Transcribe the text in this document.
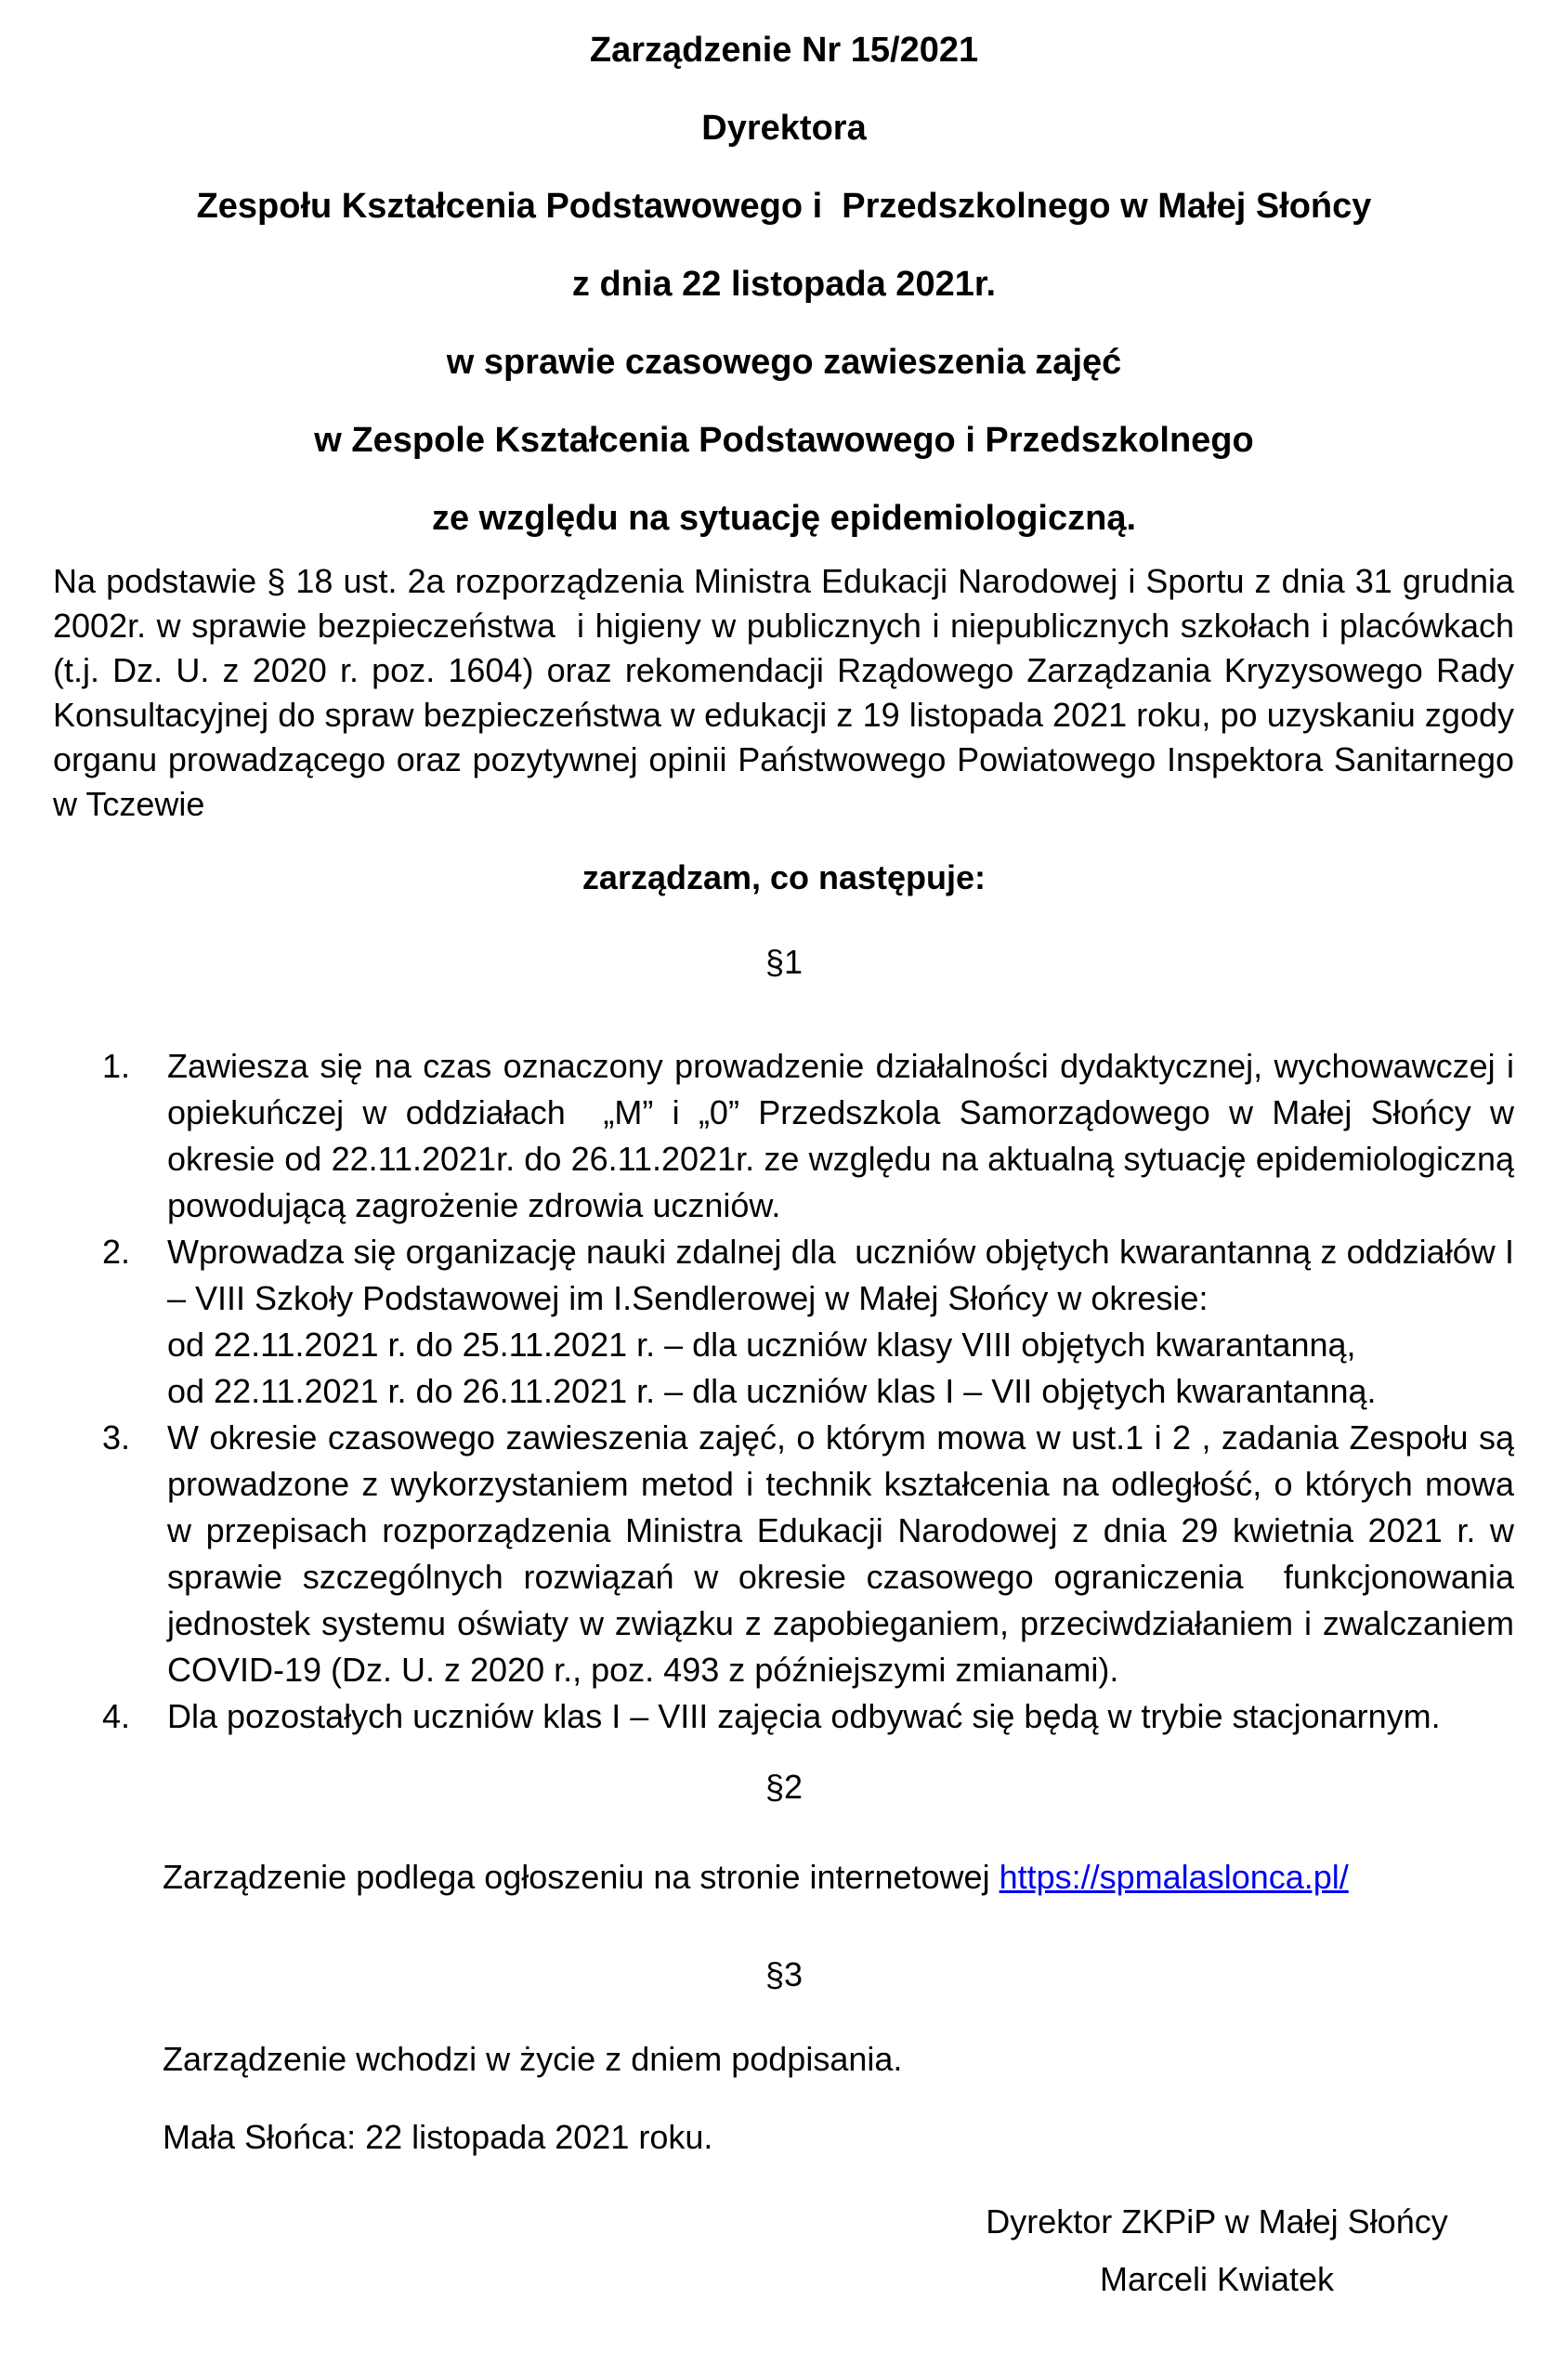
Zarządzenie Nr 15/2021
Dyrektora
Zespołu Kształcenia Podstawowego i  Przedszkolnego w Małej Słońcy
z dnia 22 listopada 2021r.
w sprawie czasowego zawieszenia zajęć
w Zespole Kształcenia Podstawowego i Przedszkolnego
ze względu na sytuację epidemiologiczną.

Na podstawie § 18 ust. 2a rozporządzenia Ministra Edukacji Narodowej i Sportu z dnia 31 grudnia 2002r. w sprawie bezpieczeństwa  i higieny w publicznych i niepublicznych szkołach i placówkach (t.j. Dz. U. z 2020 r. poz. 1604) oraz rekomendacji Rządowego Zarządzania Kryzysowego Rady Konsultacyjnej do spraw bezpieczeństwa w edukacji z 19 listopada 2021 roku, po uzyskaniu zgody organu prowadzącego oraz pozytywnej opinii Państwowego Powiatowego Inspektora Sanitarnego w Tczewie

zarządzam, co następuje:

§1

1.	Zawiesza się na czas oznaczony prowadzenie działalności dydaktycznej, wychowawczej i opiekuńczej w oddziałach  „M” i „0” Przedszkola Samorządowego w Małej Słońcy w okresie od 22.11.2021r. do 26.11.2021r. ze względu na aktualną sytuację epidemiologiczną powodującą zagrożenie zdrowia uczniów.
2.	Wprowadza się organizację nauki zdalnej dla  uczniów objętych kwarantanną z oddziałów I – VIII Szkoły Podstawowej im I.Sendlerowej w Małej Słońcy w okresie:
od 22.11.2021 r. do 25.11.2021 r. – dla uczniów klasy VIII objętych kwarantanną,
od 22.11.2021 r. do 26.11.2021 r. – dla uczniów klas I – VII objętych kwarantanną.
3.	W okresie czasowego zawieszenia zajęć, o którym mowa w ust.1 i 2 , zadania Zespołu są prowadzone z wykorzystaniem metod i technik kształcenia na odległość, o których mowa w przepisach rozporządzenia Ministra Edukacji Narodowej z dnia 29 kwietnia 2021 r. w sprawie szczególnych rozwiązań w okresie czasowego ograniczenia  funkcjonowania jednostek systemu oświaty w związku z zapobieganiem, przeciwdziałaniem i zwalczaniem COVID-19 (Dz. U. z 2020 r., poz. 493 z późniejszymi zmianami).
4.	Dla pozostałych uczniów klas I – VIII zajęcia odbywać się będą w trybie stacjonarnym.

§2

Zarządzenie podlega ogłoszeniu na stronie internetowej https://spmalaslonca.pl/

§3

Zarządzenie wchodzi w życie z dniem podpisania.

Mała Słońca: 22 listopada 2021 roku.

Dyrektor ZKPiP w Małej Słońcy
Marceli Kwiatek
